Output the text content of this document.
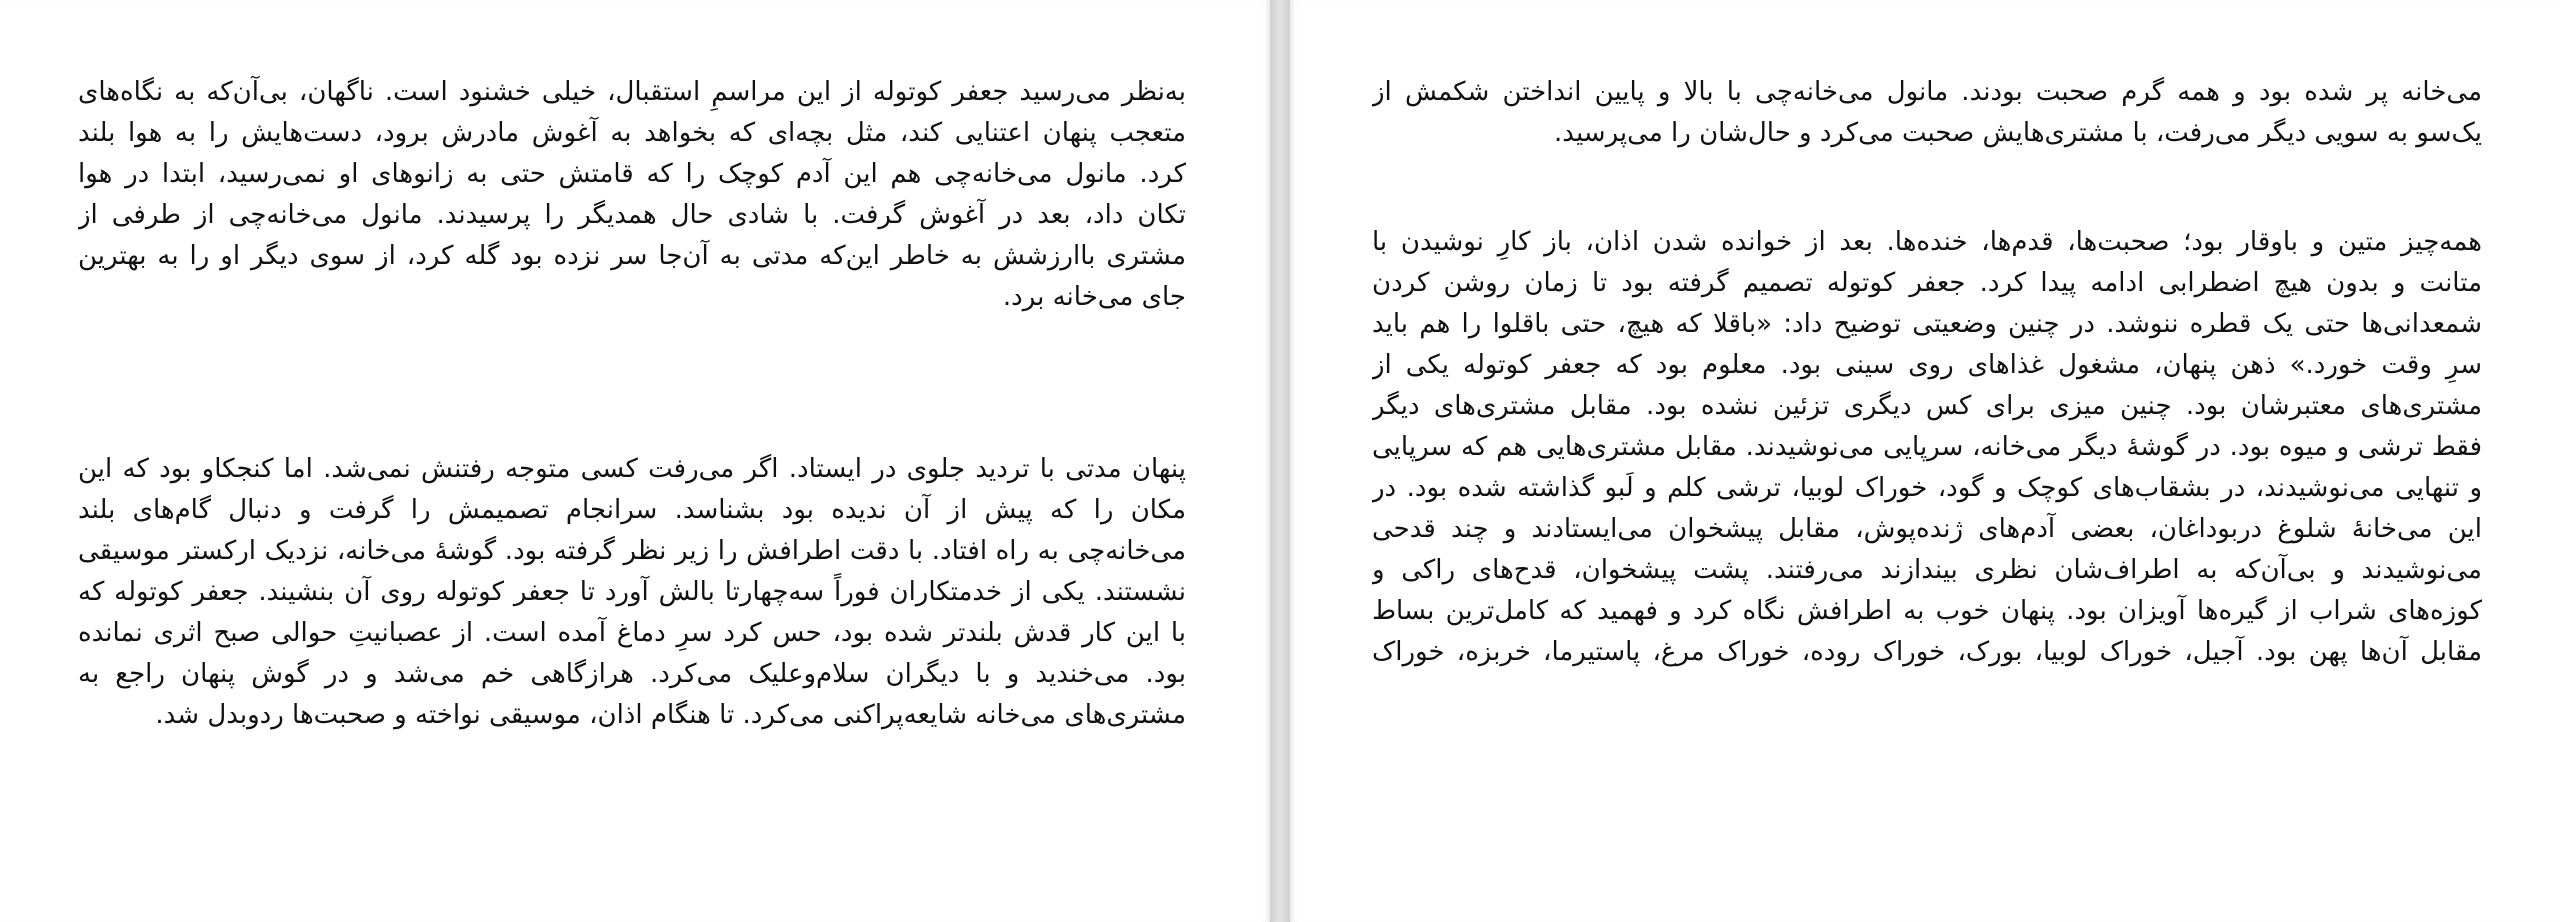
به‌نظر می‌رسید جعفر کوتوله از این مراسمِ استقبال، خیلی خشنود است. ناگهان، بی‌آن‌که به نگاه‌های
متعجب پنهان اعتنایی کند، مثل بچه‌ای که بخواهد به آغوش مادرش برود، دست‌هایش را به هوا بلند
کرد. مانول می‌خانه‌چی هم این آدم کوچک را که قامتش حتی به زانوهای او نمی‌رسید، ابتدا در هوا
تکان داد، بعد در آغوش گرفت. با شادی حال همدیگر را پرسیدند. مانول می‌خانه‌چی از طرفی از
مشتری باارزشش به خاطر این‌که مدتی به آن‌جا سر نزده بود گله کرد، از سوی دیگر او را به بهترین
جای می‌خانه برد.
پنهان مدتی با تردید جلوی در ایستاد. اگر می‌رفت کسی متوجه رفتنش نمی‌شد. اما کنجکاو بود که این
مکان را که پیش از آن ندیده بود بشناسد. سرانجام تصمیمش را گرفت و دنبال گام‌های بلند
می‌خانه‌چی به راه افتاد. با دقت اطرافش را زیر نظر گرفته بود. گوشهٔ می‌خانه، نزدیک ارکستر موسیقی
نشستند. یکی از خدمتکاران فوراً سه‌چهارتا بالش آورد تا جعفر کوتوله روی آن بنشیند. جعفر کوتوله که
با این کار قدش بلندتر شده بود، حس کرد سرِ دماغ آمده است. از عصبانیتِ حوالی صبح اثری نمانده
بود. می‌خندید و با دیگران سلام‌وعلیک می‌کرد. هرازگاهی خم می‌شد و در گوش پنهان راجع به
مشتری‌های می‌خانه شایعه‌پراکنی می‌کرد. تا هنگام اذان، موسیقی نواخته و صحبت‌ها ردوبدل شد.
می‌خانه پر شده بود و همه گرم صحبت بودند. مانول می‌خانه‌چی با بالا و پایین انداختن شکمش از
یک‌سو به سویی دیگر می‌رفت، با مشتری‌هایش صحبت می‌کرد و حال‌شان را می‌پرسید.
همه‌چیز متین و باوقار بود؛ صحبت‌ها، قدم‌ها، خنده‌ها. بعد از خوانده شدن اذان، باز کارِ نوشیدن با
متانت و بدون هیچ اضطرابی ادامه پیدا کرد. جعفر کوتوله تصمیم گرفته بود تا زمان روشن کردن
شمعدانی‌ها حتی یک قطره ننوشد. در چنین وضعیتی توضیح داد: «باقلا که هیچ، حتی باقلوا را هم باید
سرِ وقت خورد.» ذهن پنهان، مشغول غذاهای روی سینی بود. معلوم بود که جعفر کوتوله یکی از
مشتری‌های معتبرشان بود. چنین میزی برای کس دیگری تزئین نشده بود. مقابل مشتری‌های دیگر
فقط ترشی و میوه بود. در گوشهٔ دیگر می‌خانه، سرپایی می‌نوشیدند. مقابل مشتری‌هایی هم که سرپایی
و تنهایی می‌نوشیدند، در بشقاب‌های کوچک و گود، خوراک لوبیا، ترشی کلم و لَبو گذاشته شده بود. در
این می‌خانهٔ شلوغ دربوداغان، بعضی آدم‌های ژنده‌پوش، مقابل پیشخوان می‌ایستادند و چند قدحی
می‌نوشیدند و بی‌آن‌که به اطراف‌شان نظری بیندازند می‌رفتند. پشت پیشخوان، قدح‌های راکی و
کوزه‌های شراب از گیره‌ها آویزان بود. پنهان خوب به اطرافش نگاه کرد و فهمید که کامل‌ترین بساط
مقابل آن‌ها پهن بود. آجیل، خوراک لوبیا، بورک، خوراک روده، خوراک مرغ، پاستیرما، خربزه، خوراک
